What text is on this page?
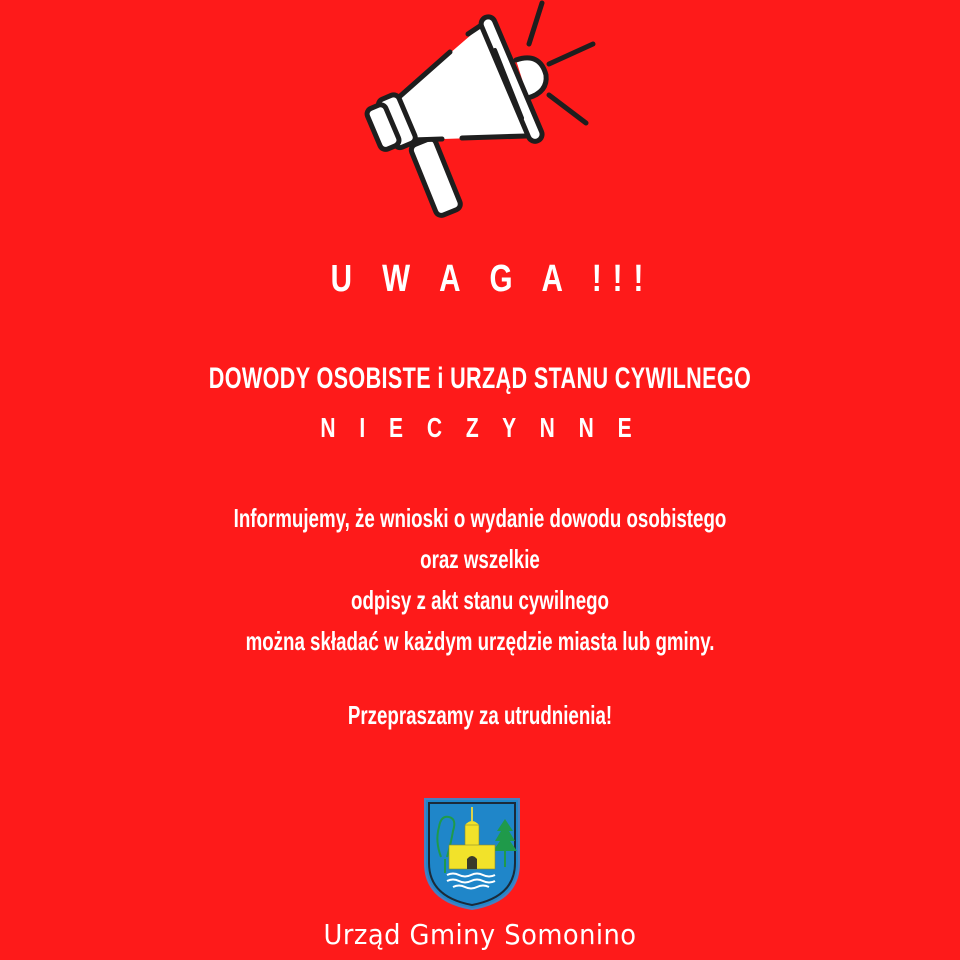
U W A G A !!!
DOWODY OSOBISTE i URZĄD STANU CYWILNEGO
N I E C Z Y N N E
Informujemy, że wnioski o wydanie dowodu osobistego
oraz wszelkie
odpisy z akt stanu cywilnego
można składać w każdym urzędzie miasta lub gminy.
Przepraszamy za utrudnienia!
Urząd Gminy Somonino
